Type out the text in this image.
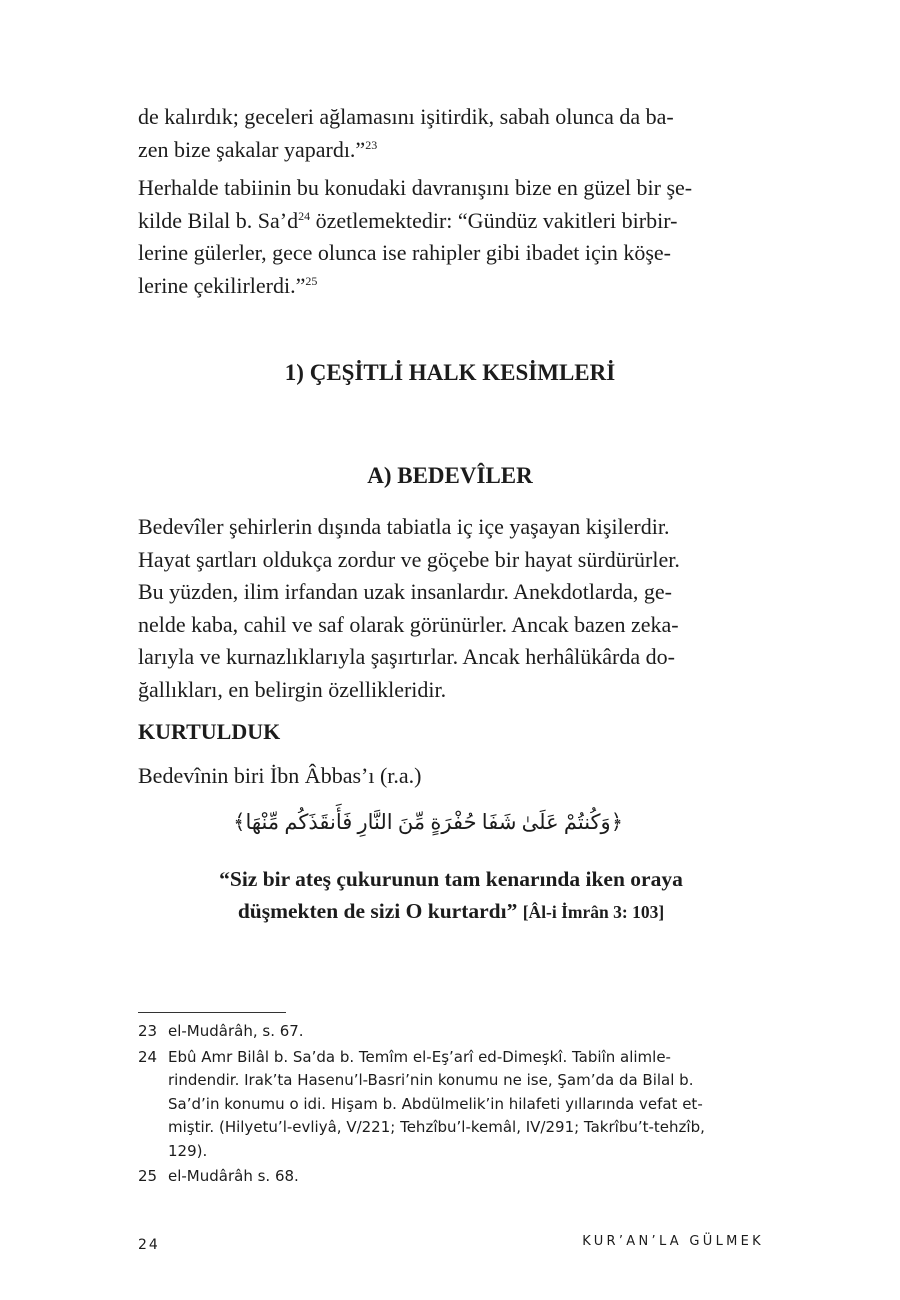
de kalırdık; geceleri ağlamasını işitirdik, sabah olunca da ba-
zen bize şakalar yapardı.”$^{23}$
Herhalde tabiinin bu konudaki davranışını bize en güzel bir şe-
kilde Bilal b. $Sa’d^{24}$ özetlemektedir: “Gündüz vakitleri birbir-
lerine gülerler, gece olunca ise rahipler gibi ibadet için köşe-
lerine çekilirlerdi.”$^{25}$
1) ÇEŞİTLİ HALK KESİMLERİ
A) BEDEVÎLER
Bedevîler şehirlerin dışında tabiatla iç içe yaşayan kişilerdir.
Hayat şartları oldukça zordur ve göçebe bir hayat sürdürürler.
Bu yüzden, ilim irfandan uzak insanlardır. Anekdotlarda, ge-
nelde kaba, cahil ve saf olarak görünürler. Ancak bazen zeka-
larıyla ve kurnazlıklarıyla şaşırtırlar. Ancak herhâlükârda do-
ğallıkları, en belirgin özellikleridir.
KURTULDUK
Bedevînin biri İbn Âbbas’ı (r.a.)
﴿وَكُنتُمْ عَلَىٰ شَفَا حُفْرَةٍ مِّنَ النَّارِ فَأَنقَذَكُم مِّنْهَا﴾
“Siz bir ateş çukurunun tam kenarında iken oraya
düşmekten de sizi O kurtardı” [Âl-i İmrân 3: 103]
23 el-Mudârâh, s. 67.
24 Ebû Amr Bilâl b. Sa’da b. Temîm el-Eş’arî ed-Dimeşkî. Tabiîn alimle-
rindendir. Irak’ta Hasenu’l-Basri’nin konumu ne ise, Şam’da da Bilal b.
Sa’d’in konumu o idi. Hişam b. Abdülmelik’in hilafeti yıllarında vefat et-
miştir. (Hilyetu’l-evliyâ, V/221; Tehzîbu’l-kemâl, IV/291; Takrîbu’t-tehzîb,
129).
25 el-Mudârâh s. 68.
24	KUR’AN’LA GÜLMEK
